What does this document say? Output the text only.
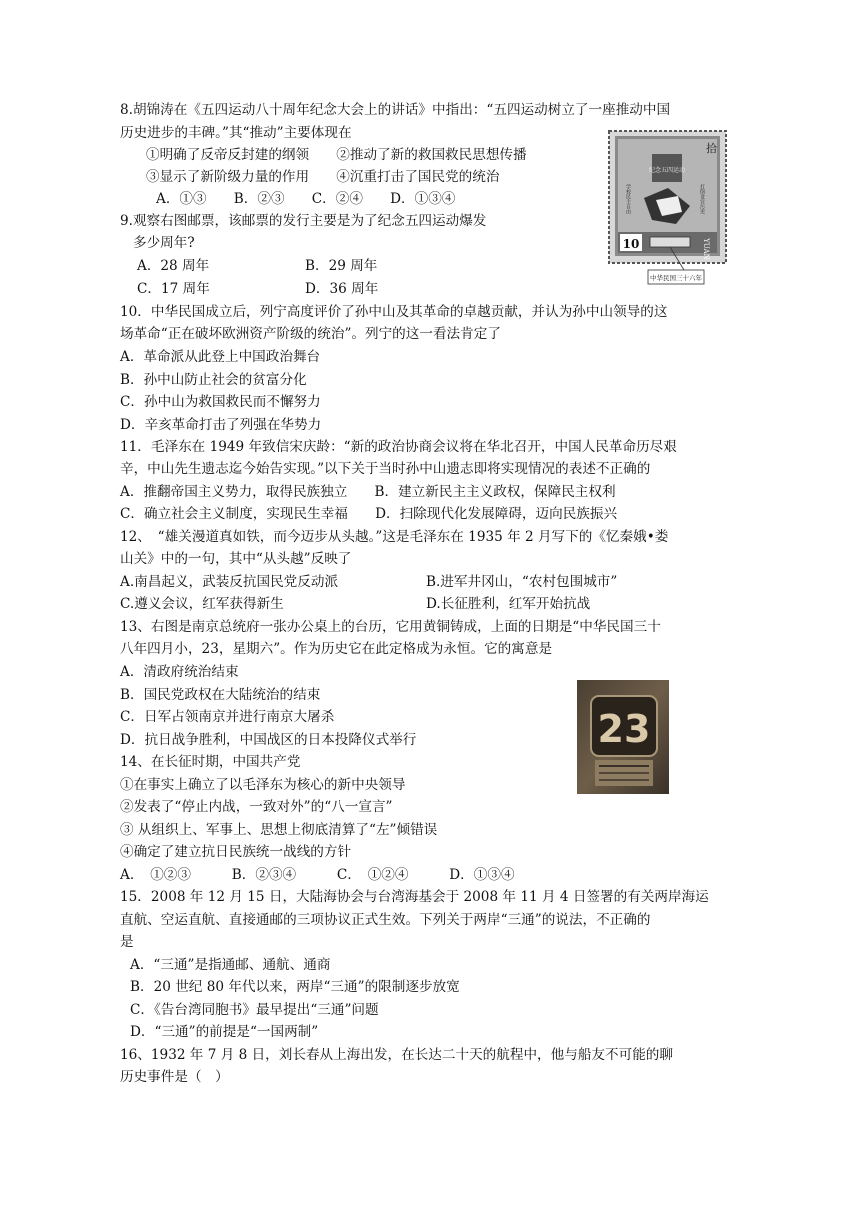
8.胡锦涛在《五四运动八十周年纪念大会上的讲话》中指出：“五四运动树立了一座推动中国
历史进步的丰碑。”其“推动”主要体现在
①明确了反帝反封建的纲领　　②推动了新的救国救民思想传播
③显示了新阶级力量的作用　　④沉重打击了国民党的统治
A．①③　　B．②③　　C．②④　　D．①③④
9.观察右图邮票，该邮票的发行主要是为了纪念五四运动爆发
多少周年?
A．28 周年	B．29 周年
C．17 周年	D．36 周年
10．中华民国成立后，列宁高度评价了孙中山及其革命的卓越贡献，并认为孙中山领导的这
场革命“正在破坏欧洲资产阶级的统治”。列宁的这一看法肯定了
A．革命派从此登上中国政治舞台
B．孙中山防止社会的贫富分化
C．孙中山为救国救民而不懈努力
D．辛亥革命打击了列强在华势力
11．毛泽东在 1949 年致信宋庆龄：“新的政治协商会议将在华北召开，中国人民革命历尽艰
辛，中山先生遗志迄今始告实现。”以下关于当时孙中山遗志即将实现情况的表述不正确的
A．推翻帝国主义势力，取得民族独立　　B．建立新民主主义政权，保障民主权利
C．确立社会主义制度，实现民生幸福　　D．扫除现代化发展障碍，迈向民族振兴
12、　“雄关漫道真如铁，而今迈步从头越。”这是毛泽东在 1935 年 2 月写下的《忆秦娥•娄
山关》中的一句，其中“从头越”反映了
A.南昌起义，武装反抗国民党反动派	B.进军井冈山，“农村包围城市”
C.遵义会议，红军获得新生	D.长征胜利，红军开始抗战
13、右图是南京总统府一张办公桌上的台历，它用黄铜铸成，上面的日期是“中华民国三十
八年四月小，23，星期六”。作为历史它在此定格成为永恒。它的寓意是
A．清政府统治结束
B．国民党政权在大陆统治的结束
C．日军占领南京并进行南京大屠杀
D．抗日战争胜利，中国战区的日本投降仪式举行
14、在长征时期，中国共产党
①在事实上确立了以毛泽东为核心的新中央领导
②发表了“停止内战，一致对外”的“八一宣言”
③ 从组织上、军事上、思想上彻底清算了“左”倾错误
④确定了建立抗日民族统一战线的方针
A．　①②③　　　B．②③④　　　C．　①②④　　　D．①③④
15．2008 年 12 月 15 日，大陆海协会与台湾海基会于 2008 年 11 月 4 日签署的有关两岸海运
直航、空运直航、直接通邮的三项协议正式生效。下列关于两岸“三通”的说法，不正确的
是
A．“三通”是指通邮、通航、通商
B．20 世纪 80 年代以来，两岸“三通”的限制逐步放宽
C．《告台湾同胞书》最早提出“三通”问题
D．“三通”的前提是“一国两制”
16、1932 年 7 月 8 日，刘长春从上海出发，在长达二十天的航程中，他与船友不可能的聊
历史事件是（　）
拾
纪念五四运动
学校民主自由	打倒贪官污吏
10	YUAN
中华民国三十六年
23
